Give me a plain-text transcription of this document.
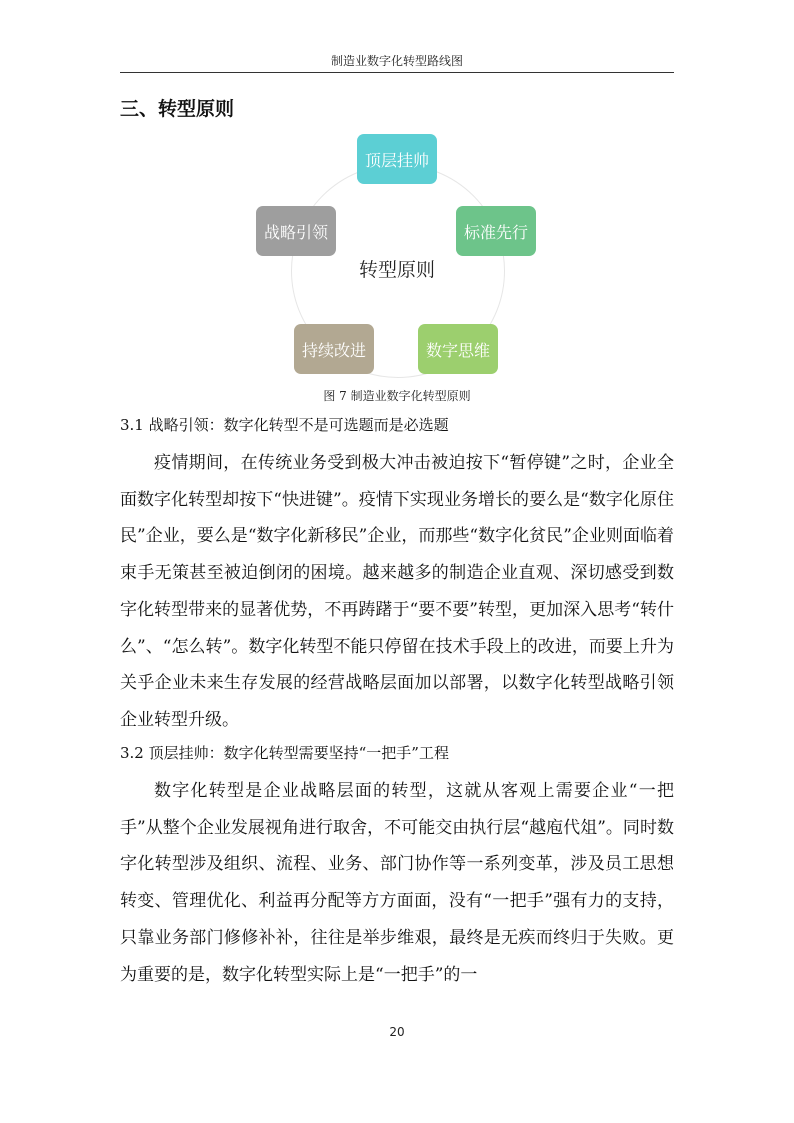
制造业数字化转型路线图
三、转型原则
转型原则
顶层挂帅
标准先行
数字思维
持续改进
战略引领
图 7 制造业数字化转型原则
3.1 战略引领：数字化转型不是可选题而是必选题
疫情期间，在传统业务受到极大冲击被迫按下“暂停键”之时，企业全面数字化转型却按下“快进键”。疫情下实现业务增长的要么是“数字化原住民”企业，要么是“数字化新移民”企业，而那些“数字化贫民”企业则面临着束手无策甚至被迫倒闭的困境。越来越多的制造企业直观、深切感受到数字化转型带来的显著优势，不再踌躇于“要不要”转型，更加深入思考“转什么”、“怎么转”。数字化转型不能只停留在技术手段上的改进，而要上升为关乎企业未来生存发展的经营战略层面加以部署，以数字化转型战略引领企业转型升级。
3.2 顶层挂帅：数字化转型需要坚持“一把手”工程
数字化转型是企业战略层面的转型，这就从客观上需要企业“一把手”从整个企业发展视角进行取舍，不可能交由执行层“越庖代俎”。同时数字化转型涉及组织、流程、业务、部门协作等一系列变革，涉及员工思想转变、管理优化、利益再分配等方方面面，没有“一把手”强有力的支持，只靠业务部门修修补补，往往是举步维艰，最终是无疾而终归于失败。更为重要的是，数字化转型实际上是“一把手”的一
20
